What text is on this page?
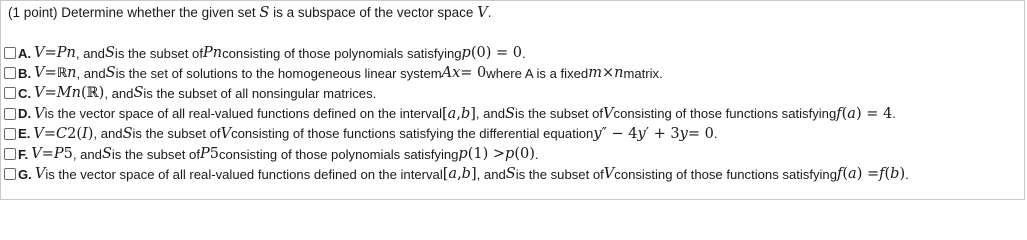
(1 point) Determine whether the given set S is a subspace of the vector space V.
A. V = P n , and S is the subset of P n consisting of those polynomials satisfying p (0) = 0 .
B. V = ℝ n , and S is the set of solutions to the homogeneous linear system Ax = 0 where A is a fixed m × n matrix.
C. V = M n (ℝ) , and S is the subset of all nonsingular matrices.
D. V is the vector space of all real-valued functions defined on the interval [ a , b ] , and S is the subset of V consisting of those functions satisfying f ( a ) = 4 .
E. V = C 2 ( I ) , and S is the subset of V consisting of those functions satisfying the differential equation y ″ − 4 y ′ + 3 y = 0 .
F. V = P 5 , and S is the subset of P 5 consisting of those polynomials satisfying p (1) > p (0) .
G. V is the vector space of all real-valued functions defined on the interval [ a , b ] , and S is the subset of V consisting of those functions satisfying f ( a ) = f ( b ) .
